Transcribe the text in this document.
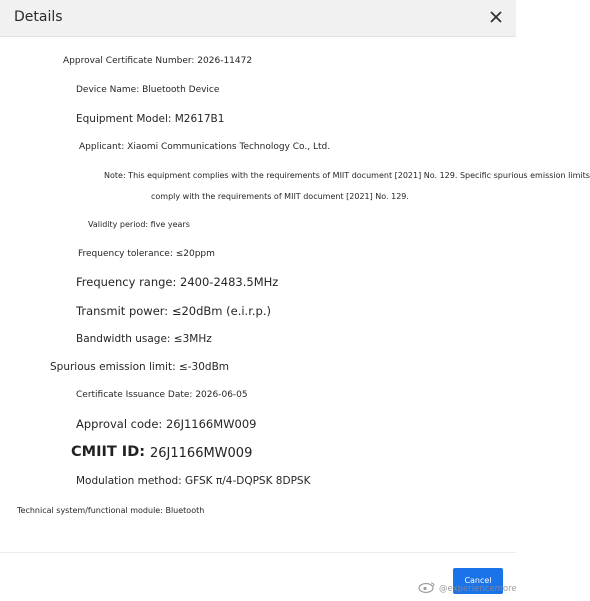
Details
Approval Certificate Number: 2026-11472
Device Name: Bluetooth Device
Equipment Model: M2617B1
Applicant: Xiaomi Communications Technology Co., Ltd.
Note: This equipment complies with the requirements of MIIT document [2021] No. 129. Specific spurious emission limits
comply with the requirements of MIIT document [2021] No. 129.
Validity period: five years
Frequency tolerance: ≤20ppm
Frequency range: 2400-2483.5MHz
Transmit power: ≤20dBm (e.i.r.p.)
Bandwidth usage: ≤3MHz
Spurious emission limit: ≤-30dBm
Certificate Issuance Date: 2026-06-05
Approval code: 26J1166MW009
CMIIT ID: 26J1166MW009
Modulation method: GFSK π/4-DQPSK 8DPSK
Technical system/functional module: Bluetooth
Cancel
@experiencemore
